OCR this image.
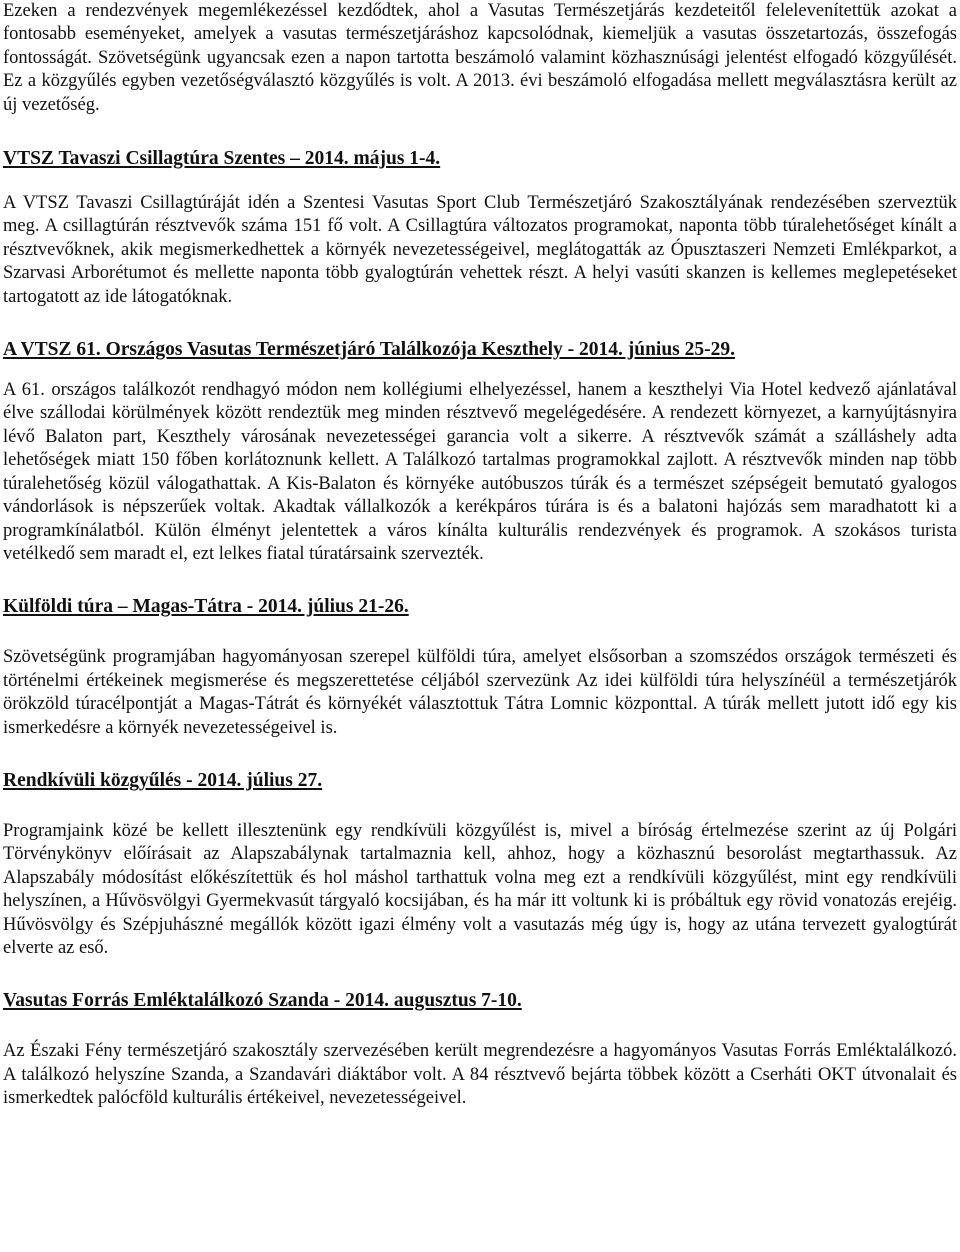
Ezeken a rendezvények megemlékezéssel kezdődtek, ahol a Vasutas Természetjárás kezdeteitől felelevenítettük azokat a fontosabb eseményeket, amelyek a vasutas természetjáráshoz kapcsolódnak, kiemeljük a vasutas összetartozás, összefogás fontosságát. Szövetségünk ugyancsak ezen a napon tartotta beszámoló valamint közhasznúsági jelentést elfogadó közgyűlését. Ez a közgyűlés egyben vezetőségválasztó közgyűlés is volt. A 2013. évi beszámoló elfogadása mellett megválasztásra került az új vezetőség.

VTSZ Tavaszi Csillagtúra Szentes – 2014. május 1-4.

A VTSZ Tavaszi Csillagtúráját idén a Szentesi Vasutas Sport Club Természetjáró Szakosztályának rendezésében szerveztük meg. A csillagtúrán résztvevők száma 151 fő volt. A Csillagtúra változatos programokat, naponta több túralehetőséget kínált a résztvevőknek, akik megismerkedhettek a környék nevezetességeivel, meglátogatták az Ópusztaszeri Nemzeti Emlékparkot, a Szarvasi Arborétumot és mellette naponta több gyalogtúrán vehettek részt. A helyi vasúti skanzen is kellemes meglepetéseket tartogatott az ide látogatóknak.

A VTSZ 61. Országos Vasutas Természetjáró Találkozója Keszthely - 2014. június 25-29.

A 61. országos találkozót rendhagyó módon nem kollégiumi elhelyezéssel, hanem a keszthelyi Via Hotel kedvező ajánlatával élve szállodai körülmények között rendeztük meg minden résztvevő megelégedésére. A rendezett környezet, a karnyújtásnyira lévő Balaton part, Keszthely városának nevezetességei garancia volt a sikerre. A résztvevők számát a szálláshely adta lehetőségek miatt 150 főben korlátoznunk kellett. A Találkozó tartalmas programokkal zajlott. A résztvevők minden nap több túralehetőség közül válogathattak. A Kis-Balaton és környéke autóbuszos túrák és a természet szépségeit bemutató gyalogos vándorlások is népszerűek voltak. Akadtak vállalkozók a kerékpáros túrára is és a balatoni hajózás sem maradhatott ki a programkínálatból. Külön élményt jelentettek a város kínálta kulturális rendezvények és programok. A szokásos turista vetélkedő sem maradt el, ezt lelkes fiatal túratársaink szervezték.

Külföldi túra – Magas-Tátra - 2014. július 21-26.

Szövetségünk programjában hagyományosan szerepel külföldi túra, amelyet elsősorban a szomszédos országok természeti és történelmi értékeinek megismerése és megszerettetése céljából szervezünk Az idei külföldi túra helyszínéül a természetjárók örökzöld túracélpontját a Magas-Tátrát és környékét választottuk Tátra Lomnic központtal. A túrák mellett jutott idő egy kis ismerkedésre a környék nevezetességeivel is.

Rendkívüli közgyűlés - 2014. július 27.

Programjaink közé be kellett illesztenünk egy rendkívüli közgyűlést is, mivel a bíróság értelmezése szerint az új Polgári Törvénykönyv előírásait az Alapszabálynak tartalmaznia kell, ahhoz, hogy a közhasznú besorolást megtarthassuk. Az Alapszabály módosítást előkészítettük és hol máshol tarthattuk volna meg ezt a rendkívüli közgyűlést, mint egy rendkívüli helyszínen, a Hűvösvölgyi Gyermekvasút tárgyaló kocsijában, és ha már itt voltunk ki is próbáltuk egy rövid vonatozás erejéig. Hűvösvölgy és Szépjuhászné megállók között igazi élmény volt a vasutazás még úgy is, hogy az utána tervezett gyalogtúrát elverte az eső.

Vasutas Forrás Emléktalálkozó Szanda - 2014. augusztus 7-10.

Az Északi Fény természetjáró szakosztály szervezésében került megrendezésre a hagyományos Vasutas Forrás Emléktalálkozó. A találkozó helyszíne Szanda, a Szandavári diáktábor volt. A 84 résztvevő bejárta többek között a Cserháti OKT útvonalait és ismerkedtek palócföld kulturális értékeivel, nevezetességeivel.
